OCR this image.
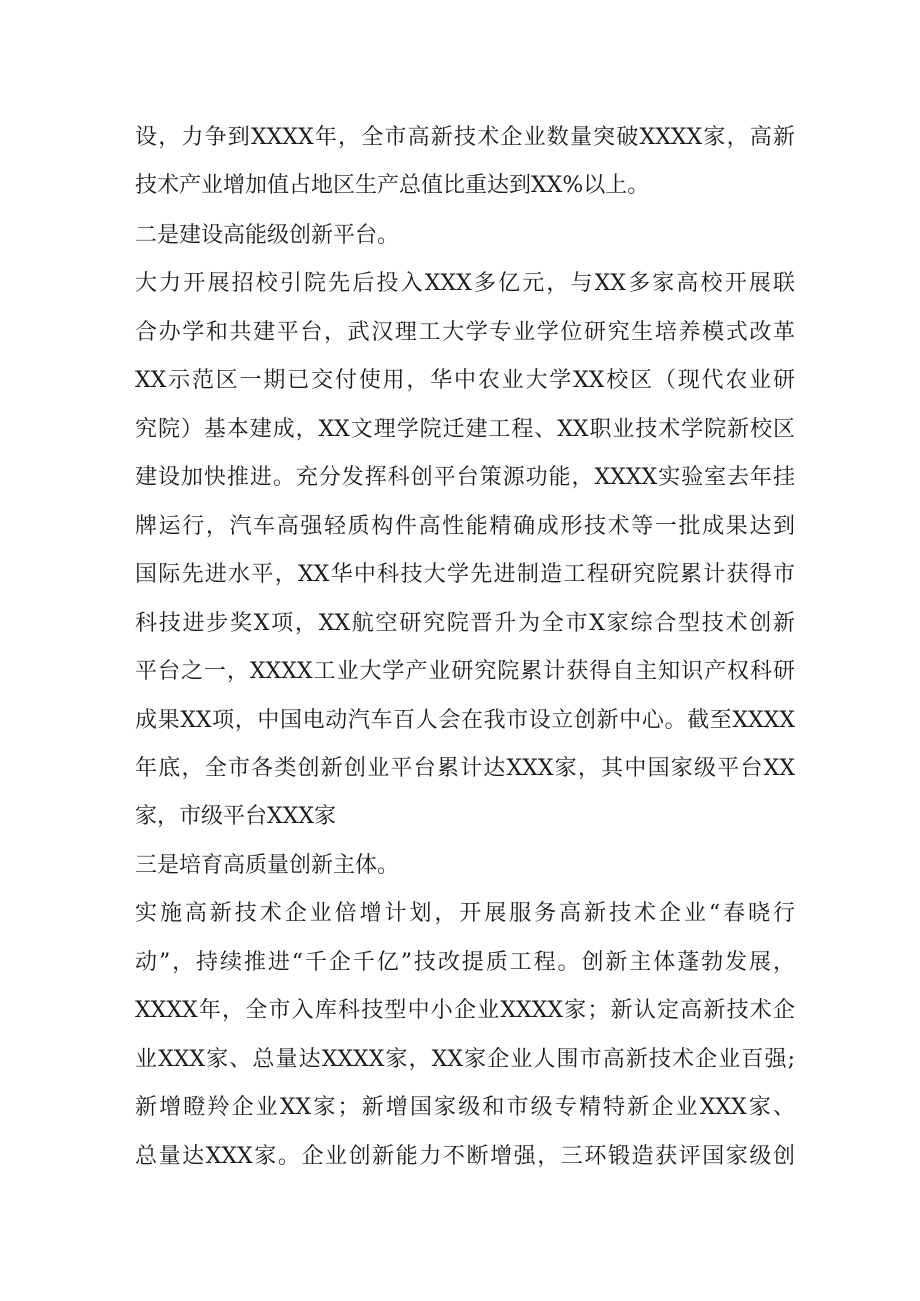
设，力争到XXXX年，全市高新技术企业数量突破XXXX家，高新
技术产业增加值占地区生产总值比重达到XX%以上。
二是建设高能级创新平台。
大力开展招校引院先后投入XXX多亿元，与XX多家高校开展联
合办学和共建平台，武汉理工大学专业学位研究生培养模式改革
XX示范区一期已交付使用，华中农业大学XX校区（现代农业研
究院）基本建成，XX文理学院迁建工程、XX职业技术学院新校区
建设加快推进。充分发挥科创平台策源功能，XXXX实验室去年挂
牌运行，汽车高强轻质构件高性能精确成形技术等一批成果达到
国际先进水平，XX华中科技大学先进制造工程研究院累计获得市
科技进步奖X项，XX航空研究院晋升为全市X家综合型技术创新
平台之一，XXXX工业大学产业研究院累计获得自主知识产权科研
成果XX项，中国电动汽车百人会在我市设立创新中心。截至XXXX
年底，全市各类创新创业平台累计达XXX家，其中国家级平台XX
家，市级平台XXX家
三是培育高质量创新主体。
实施高新技术企业倍增计划，开展服务高新技术企业“春晓行
动”，持续推进“千企千亿”技改提质工程。创新主体蓬勃发展，
XXXX年，全市入库科技型中小企业XXXX家；新认定高新技术企
业XXX家、总量达XXXX家，XX家企业人围市高新技术企业百强;
新增瞪羚企业XX家；新增国家级和市级专精特新企业XXX家、
总量达XXX家。企业创新能力不断增强，三环锻造获评国家级创
